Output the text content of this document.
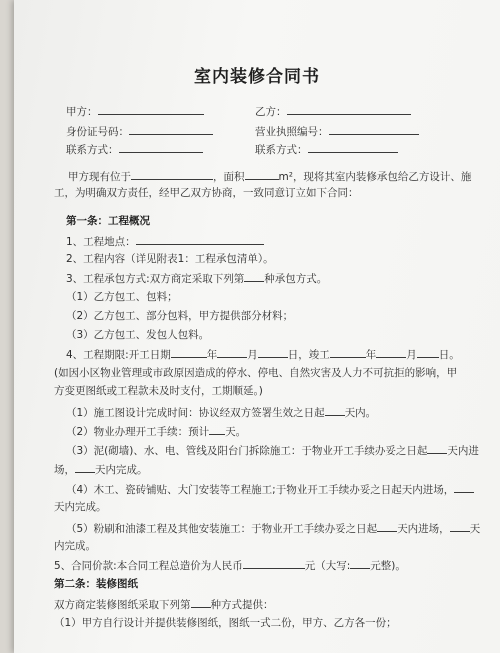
室内装修合同书
甲方：	乙方：
身份证号码：	营业执照编号：
联系方式：	联系方式：
甲方现有位于	，面积	m²，现将其室内装修承包给乙方设计、施
工，为明确双方责任，经甲乙双方协商，一致同意订立如下合同：
第一条：工程概况
1、工程地点：
2、工程内容（详见附表1：工程承包清单）。
3、工程承包方式:双方商定采取下列第 种承包方式。
（1）乙方包工、包料；
（2）乙方包工、部分包料，甲方提供部分材料；
（3）乙方包工、发包人包料。
4、工程期限:开工日期	年	月	日，竣工	年	月 日。
(如因小区物业管理或市政原因造成的停水、停电、自然灾害及人力不可抗拒的影响，甲
方变更图纸或工程款未及时支付，工期顺延。)
（1）施工图设计完成时间：协议经双方签署生效之日起 天内。
（2）物业办理开工手续：预计 天。
（3）泥(砌墙)、水、电、管线及阳台门拆除施工：于物业开工手续办妥之日起 天内进
场， 天内完成。
（4）木工、瓷砖铺贴、大门安装等工程施工;于物业开工手续办妥之日起天内进场，
天内完成。
（5）粉刷和油漆工程及其他安装施工：于物业开工手续办妥之日起 天内进场， 天
内完成。
5、合同价款:本合同工程总造价为人民币	元（大写: 元整)。
第二条：装修图纸
双方商定装修图纸采取下列第 种方式提供：
（1）甲方自行设计并提供装修图纸，图纸一式二份，甲方、乙方各一份；
